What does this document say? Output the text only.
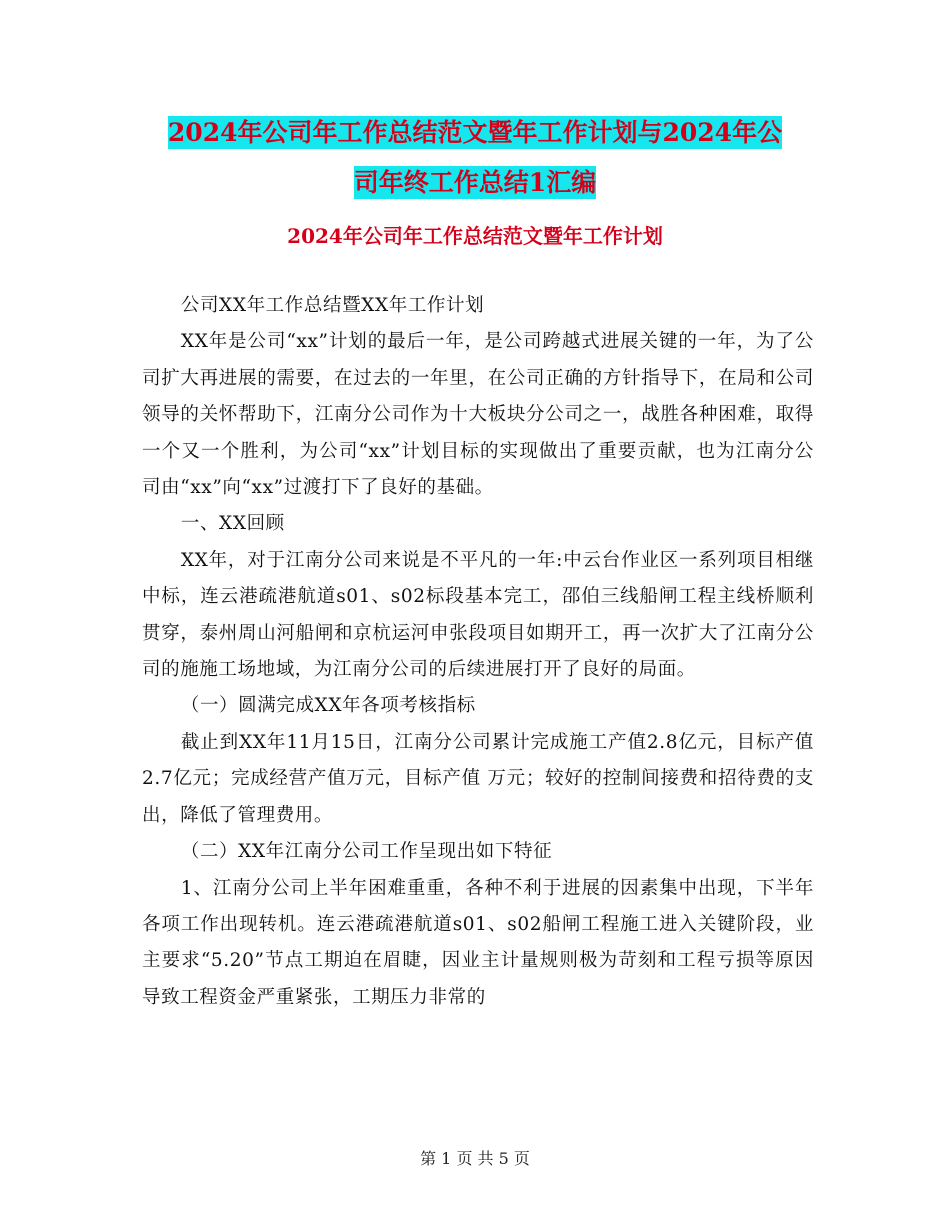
2024年公司年工作总结范文暨年工作计划与2024年公
司年终工作总结1汇编
2024年公司年工作总结范文暨年工作计划

公司XX年工作总结暨XX年工作计划

XX年是公司“xx”计划的最后一年，是公司跨越式进展关键的一年，为了公司扩大再进展的需要，在过去的一年里，在公司正确的方针指导下，在局和公司领导的关怀帮助下，江南分公司作为十大板块分公司之一，战胜各种困难，取得一个又一个胜利，为公司“xx”计划目标的实现做出了重要贡献，也为江南分公司由“xx”向“xx”过渡打下了良好的基础。

一、XX回顾

XX年，对于江南分公司来说是不平凡的一年:中云台作业区一系列项目相继中标，连云港疏港航道s01、s02标段基本完工，邵伯三线船闸工程主线桥顺利贯穿，泰州周山河船闸和京杭运河申张段项目如期开工，再一次扩大了江南分公司的施施工场地域，为江南分公司的后续进展打开了良好的局面。

（一）圆满完成XX年各项考核指标

截止到XX年11月15日，江南分公司累计完成施工产值2.8亿元，目标产值2.7亿元；完成经营产值万元，目标产值 万元；较好的控制间接费和招待费的支出，降低了管理费用。

（二）XX年江南分公司工作呈现出如下特征

1、江南分公司上半年困难重重，各种不利于进展的因素集中出现，下半年各项工作出现转机。连云港疏港航道s01、s02船闸工程施工进入关键阶段，业主要求“5.20”节点工期迫在眉睫，因业主计量规则极为苛刻和工程亏损等原因导致工程资金严重紧张，工期压力非常的

第 1 页 共 5 页
